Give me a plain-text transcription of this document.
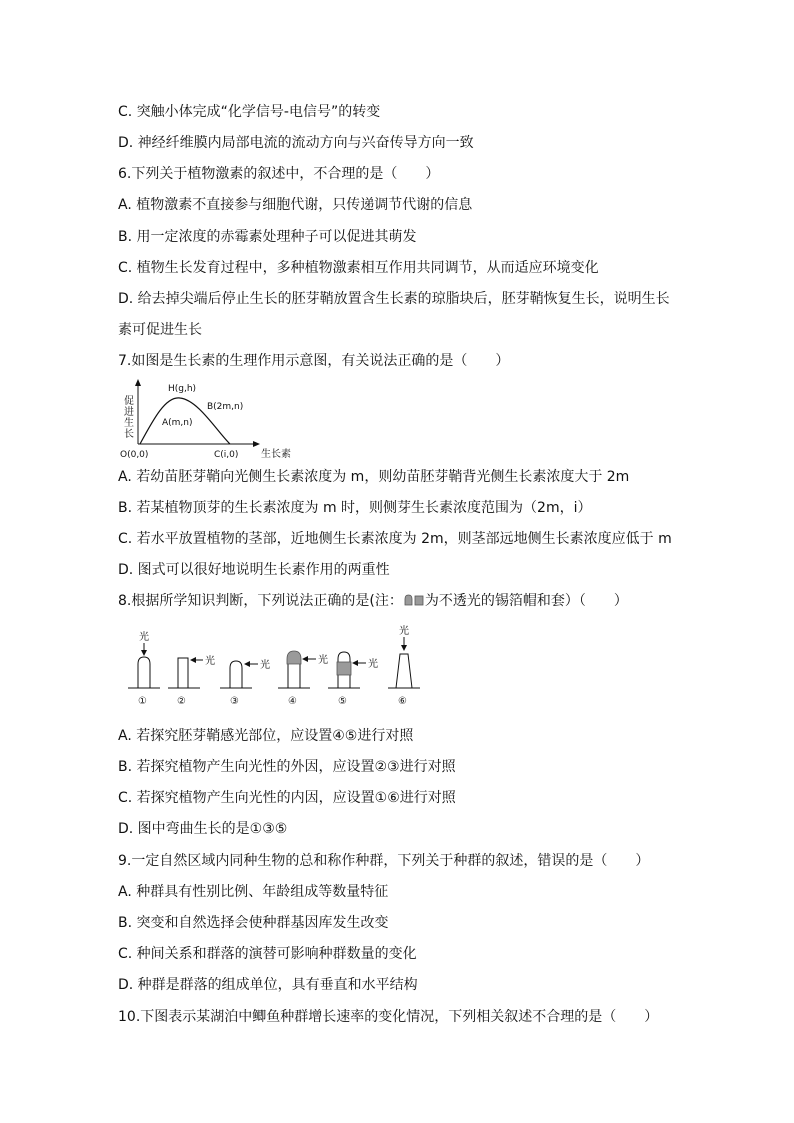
C. 突触小体完成“化学信号-电信号”的转变
D. 神经纤维膜内局部电流的流动方向与兴奋传导方向一致
6.下列关于植物激素的叙述中，不合理的是（　　）
A. 植物激素不直接参与细胞代谢，只传递调节代谢的信息
B. 用一定浓度的赤霉素处理种子可以促进其萌发
C. 植物生长发育过程中，多种植物激素相互作用共同调节，从而适应环境变化
D. 给去掉尖端后停止生长的胚芽鞘放置含生长素的琼脂块后，胚芽鞘恢复生长，说明生长
素可促进生长
7.如图是生长素的生理作用示意图，有关说法正确的是（　　）
促
进
生
长
生长素
O(0,0)
H(g,h)
A(m,n)
B(2m,n)
C(i,0)
A. 若幼苗胚芽鞘向光侧生长素浓度为 m，则幼苗胚芽鞘背光侧生长素浓度大于 2m
B. 若某植物顶芽的生长素浓度为 m 时，则侧芽生长素浓度范围为（2m，i）
C. 若水平放置植物的茎部，近地侧生长素浓度为 2m，则茎部远地侧生长素浓度应低于 m
D. 图式可以很好地说明生长素作用的两重性
8.根据所学知识判断，下列说法正确的是(注： 为不透光的锡箔帽和套）（　　）
光
①
光
②
光
③
光
④
光
⑤
光
⑥
A. 若探究胚芽鞘感光部位，应设置④⑤进行对照
B. 若探究植物产生向光性的外因，应设置②③进行对照
C. 若探究植物产生向光性的内因，应设置①⑥进行对照
D. 图中弯曲生长的是①③⑤
9.一定自然区域内同种生物的总和称作种群，下列关于种群的叙述，错误的是（　　）
A. 种群具有性别比例、年龄组成等数量特征
B. 突变和自然选择会使种群基因库发生改变
C. 种间关系和群落的演替可影响种群数量的变化
D. 种群是群落的组成单位，具有垂直和水平结构
10.下图表示某湖泊中鲫鱼种群增长速率的变化情况，下列相关叙述不合理的是（　　）
